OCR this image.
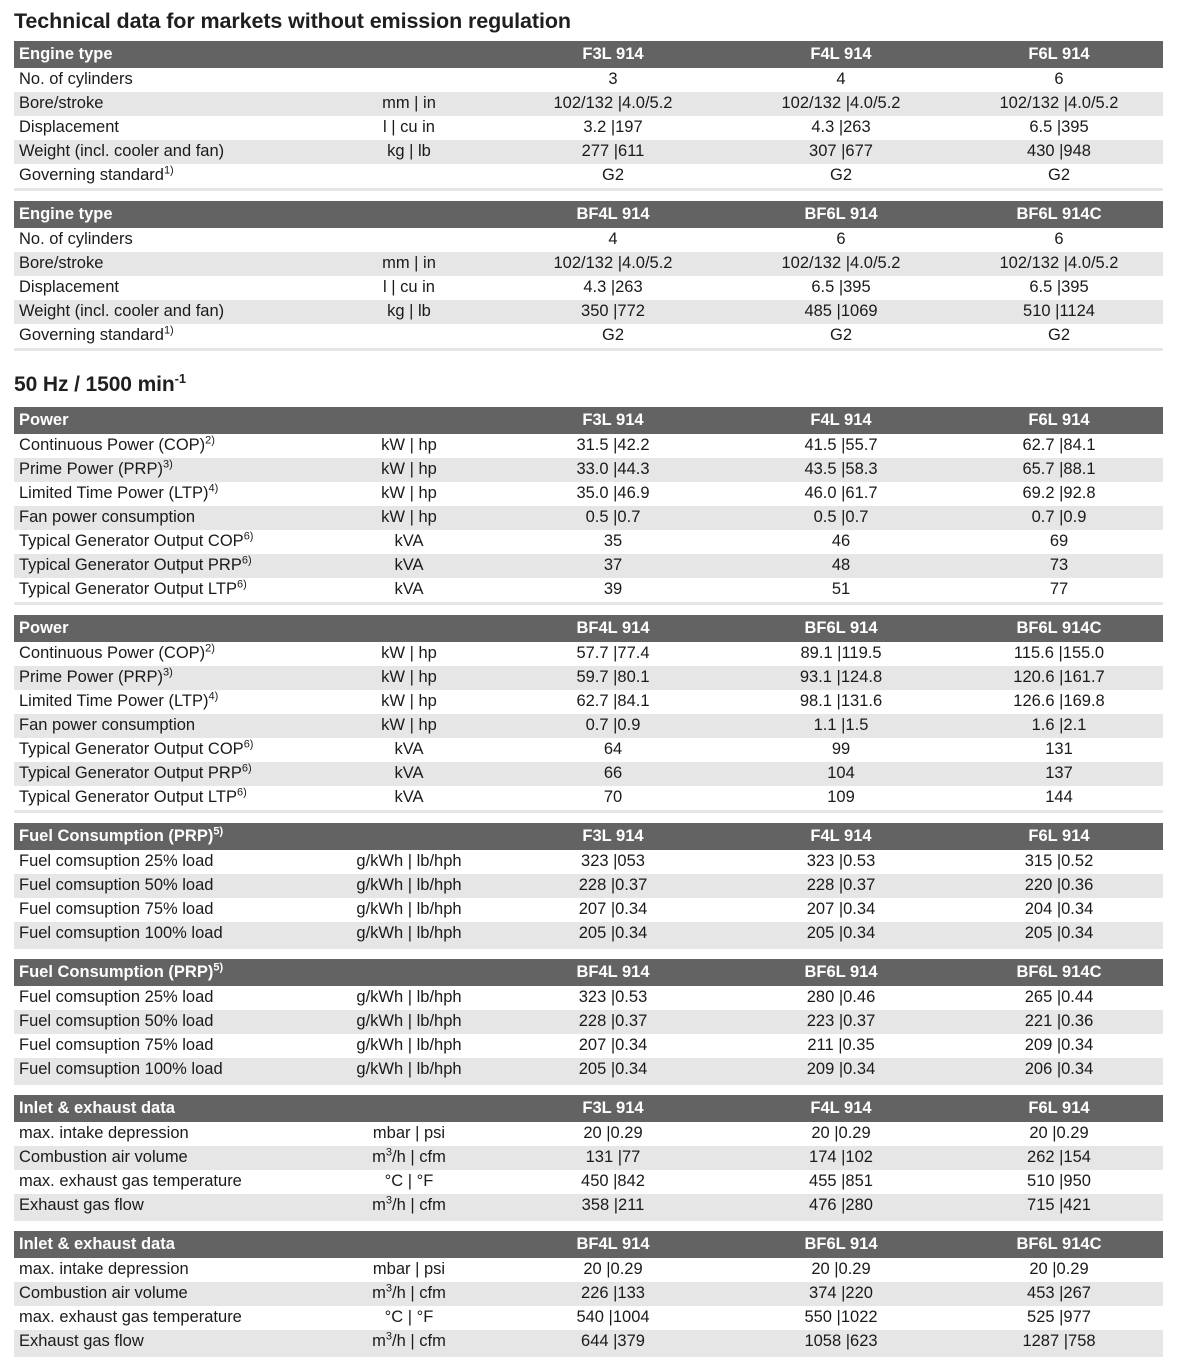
Technical data for markets without emission regulation
Engine type		F3L 914	F4L 914	F6L 914
No. of cylinders		3	4	6
Bore/stroke	mm | in	102/132 |4.0/5.2	102/132 |4.0/5.2	102/132 |4.0/5.2
Displacement	l | cu in	3.2 |197	4.3 |263	6.5 |395
Weight (incl. cooler and fan)	kg | lb	277 |611	307 |677	430 |948
Governing standard$^{1)}$		G2	G2	G2
Engine type		BF4L 914	BF6L 914	BF6L 914C
No. of cylinders		4	6	6
Bore/stroke	mm | in	102/132 |4.0/5.2	102/132 |4.0/5.2	102/132 |4.0/5.2
Displacement	l | cu in	4.3 |263	6.5 |395	6.5 |395
Weight (incl. cooler and fan)	kg | lb	350 |772	485 |1069	510 |1124
Governing standard$^{1)}$		G2	G2	G2
50 Hz / 1500 $\min^{-1}$
Power		F3L 914	F4L 914	F6L 914
Continuous Power (COP)$^{2)}$	kW | hp	31.5 |42.2	41.5 |55.7	62.7 |84.1
Prime Power (PRP)$^{3)}$	kW | hp	33.0 |44.3	43.5 |58.3	65.7 |88.1
Limited Time Power (LTP)$^{4)}$	kW | hp	35.0 |46.9	46.0 |61.7	69.2 |92.8
Fan power consumption	kW | hp	0.5 |0.7	0.5 |0.7	0.7 |0.9
Typical Generator Output COP$^{6)}$	kVA	35	46	69
Typical Generator Output PRP$^{6)}$	kVA	37	48	73
Typical Generator Output LTP$^{6)}$	kVA	39	51	77
Power		BF4L 914	BF6L 914	BF6L 914C
Continuous Power (COP)$^{2)}$	kW | hp	57.7 |77.4	89.1 |119.5	115.6 |155.0
Prime Power (PRP)$^{3)}$	kW | hp	59.7 |80.1	93.1 |124.8	120.6 |161.7
Limited Time Power (LTP)$^{4)}$	kW | hp	62.7 |84.1	98.1 |131.6	126.6 |169.8
Fan power consumption	kW | hp	0.7 |0.9	1.1 |1.5	1.6 |2.1
Typical Generator Output COP$^{6)}$	kVA	64	99	131
Typical Generator Output PRP$^{6)}$	kVA	66	104	137
Typical Generator Output LTP$^{6)}$	kVA	70	109	144
Fuel Consumption (PRP)$^{5)}$		F3L 914	F4L 914	F6L 914
Fuel comsuption 25% load	g/kWh | lb/hph	323 |053	323 |0.53	315 |0.52
Fuel comsuption 50% load	g/kWh | lb/hph	228 |0.37	228 |0.37	220 |0.36
Fuel comsuption 75% load	g/kWh | lb/hph	207 |0.34	207 |0.34	204 |0.34
Fuel comsuption 100% load	g/kWh | lb/hph	205 |0.34	205 |0.34	205 |0.34
Fuel Consumption (PRP)$^{5)}$		BF4L 914	BF6L 914	BF6L 914C
Fuel comsuption 25% load	g/kWh | lb/hph	323 |0.53	280 |0.46	265 |0.44
Fuel comsuption 50% load	g/kWh | lb/hph	228 |0.37	223 |0.37	221 |0.36
Fuel comsuption 75% load	g/kWh | lb/hph	207 |0.34	211 |0.35	209 |0.34
Fuel comsuption 100% load	g/kWh | lb/hph	205 |0.34	209 |0.34	206 |0.34
Inlet & exhaust data		F3L 914	F4L 914	F6L 914
max. intake depression	mbar | psi	20 |0.29	20 |0.29	20 |0.29
Combustion air volume	$m^3/h$ | cfm	131 |77	174 |102	262 |154
max. exhaust gas temperature	°C | °F	450 |842	455 |851	510 |950
Exhaust gas flow	$m^3/h$ | cfm	358 |211	476 |280	715 |421
Inlet & exhaust data		BF4L 914	BF6L 914	BF6L 914C
max. intake depression	mbar | psi	20 |0.29	20 |0.29	20 |0.29
Combustion air volume	$m^3/h$ | cfm	226 |133	374 |220	453 |267
max. exhaust gas temperature	°C | °F	540 |1004	550 |1022	525 |977
Exhaust gas flow	$m^3/h$ | cfm	644 |379	1058 |623	1287 |758
